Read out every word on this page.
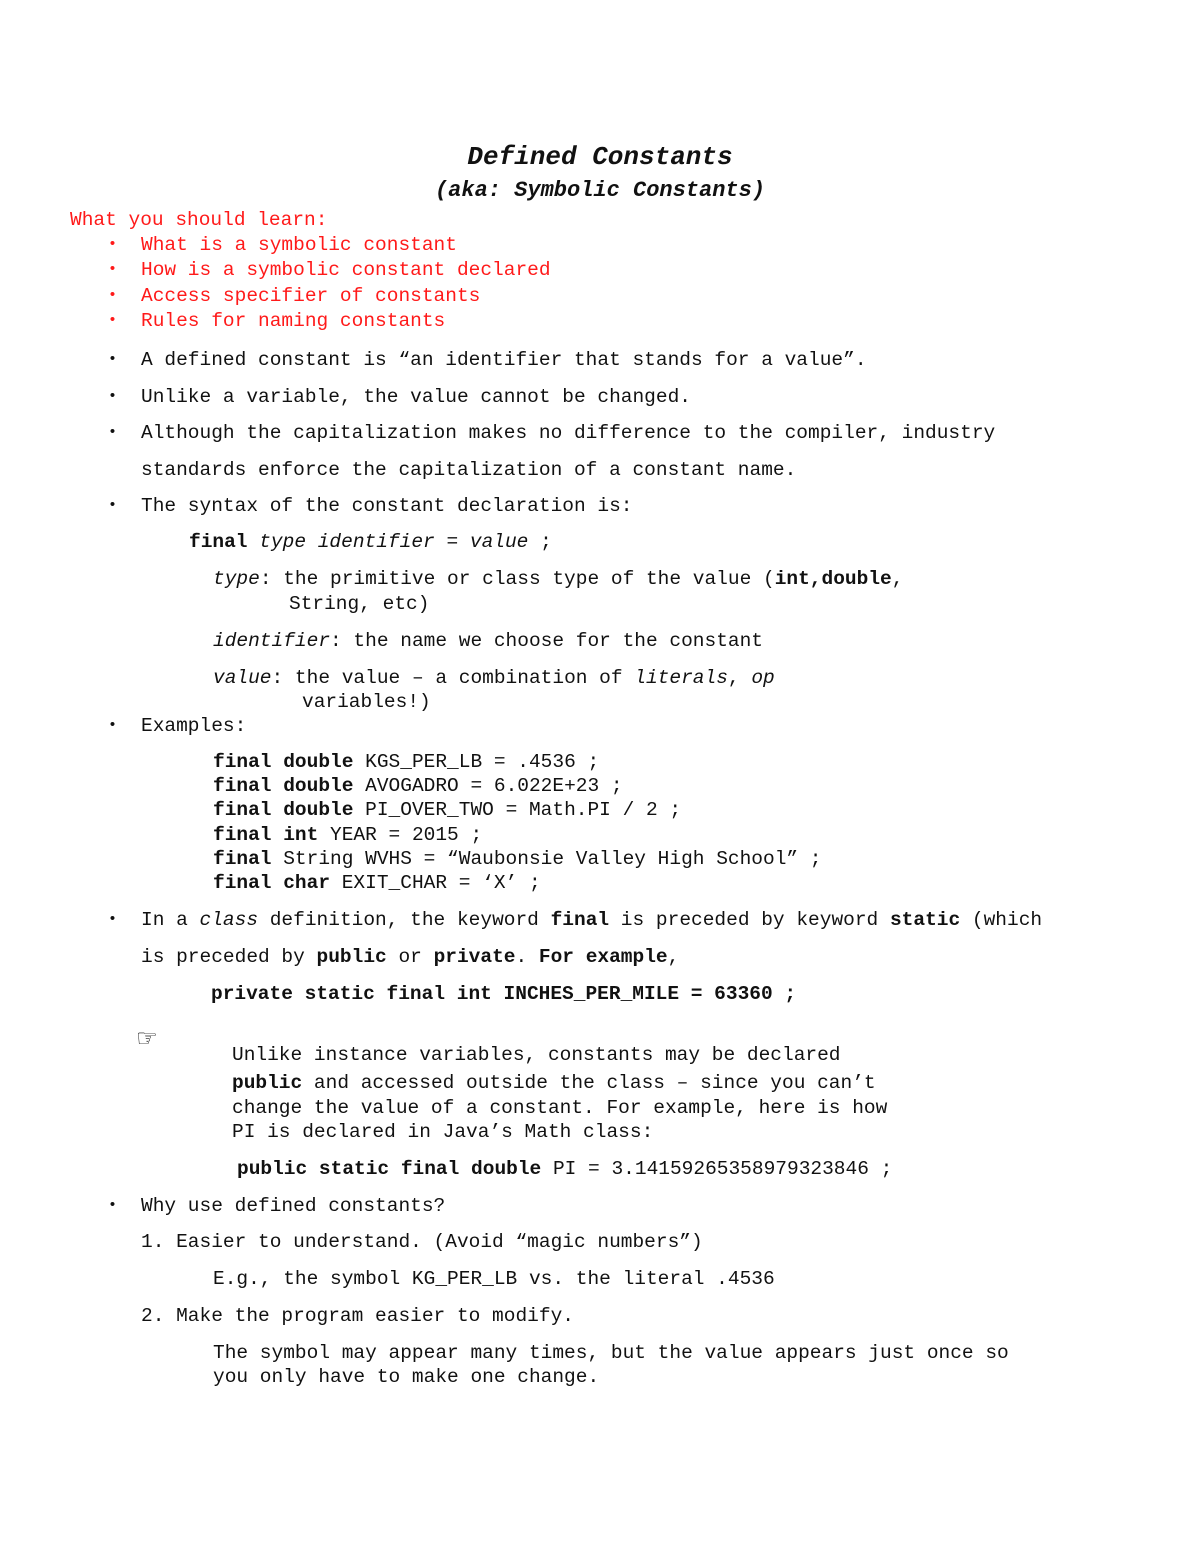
Defined Constants
(aka: Symbolic Constants)
What you should learn:
•
What is a symbolic constant
•
How is a symbolic constant declared
•
Access specifier of constants
•
Rules for naming constants
•
A defined constant is “an identifier that stands for a value”.
•
Unlike a variable, the value cannot be changed.
•
Although the capitalization makes no difference to the compiler, industry
standards enforce the capitalization of a constant name.
•
The syntax of the constant declaration is:
final type identifier = value ;
type: the primitive or class type of the value (int,double,
String, etc)
identifier: the name we choose for the constant
value: the value – a combination of literals, op
variables!)
•
Examples:
final double KGS_PER_LB = .4536 ;
final double AVOGADRO = 6.022E+23 ;
final double PI_OVER_TWO = Math.PI / 2 ;
final int YEAR = 2015 ;
final String WVHS = “Waubonsie Valley High School” ;
final char EXIT_CHAR = ‘X’ ;
•
In a class definition, the keyword final is preceded by keyword static (which
is preceded by public or private. For example,
private static final int INCHES_PER_MILE = 63360 ;
☞	Unlike instance variables, constants may be declared
public and accessed outside the class – since you can’t
change the value of a constant. For example, here is how
PI is declared in Java’s Math class:
public static final double PI = 3.14159265358979323846 ;
•
Why use defined constants?
1. Easier to understand. (Avoid “magic numbers”)
E.g., the symbol KG_PER_LB vs. the literal .4536
2. Make the program easier to modify.
The symbol may appear many times, but the value appears just once so
you only have to make one change.
